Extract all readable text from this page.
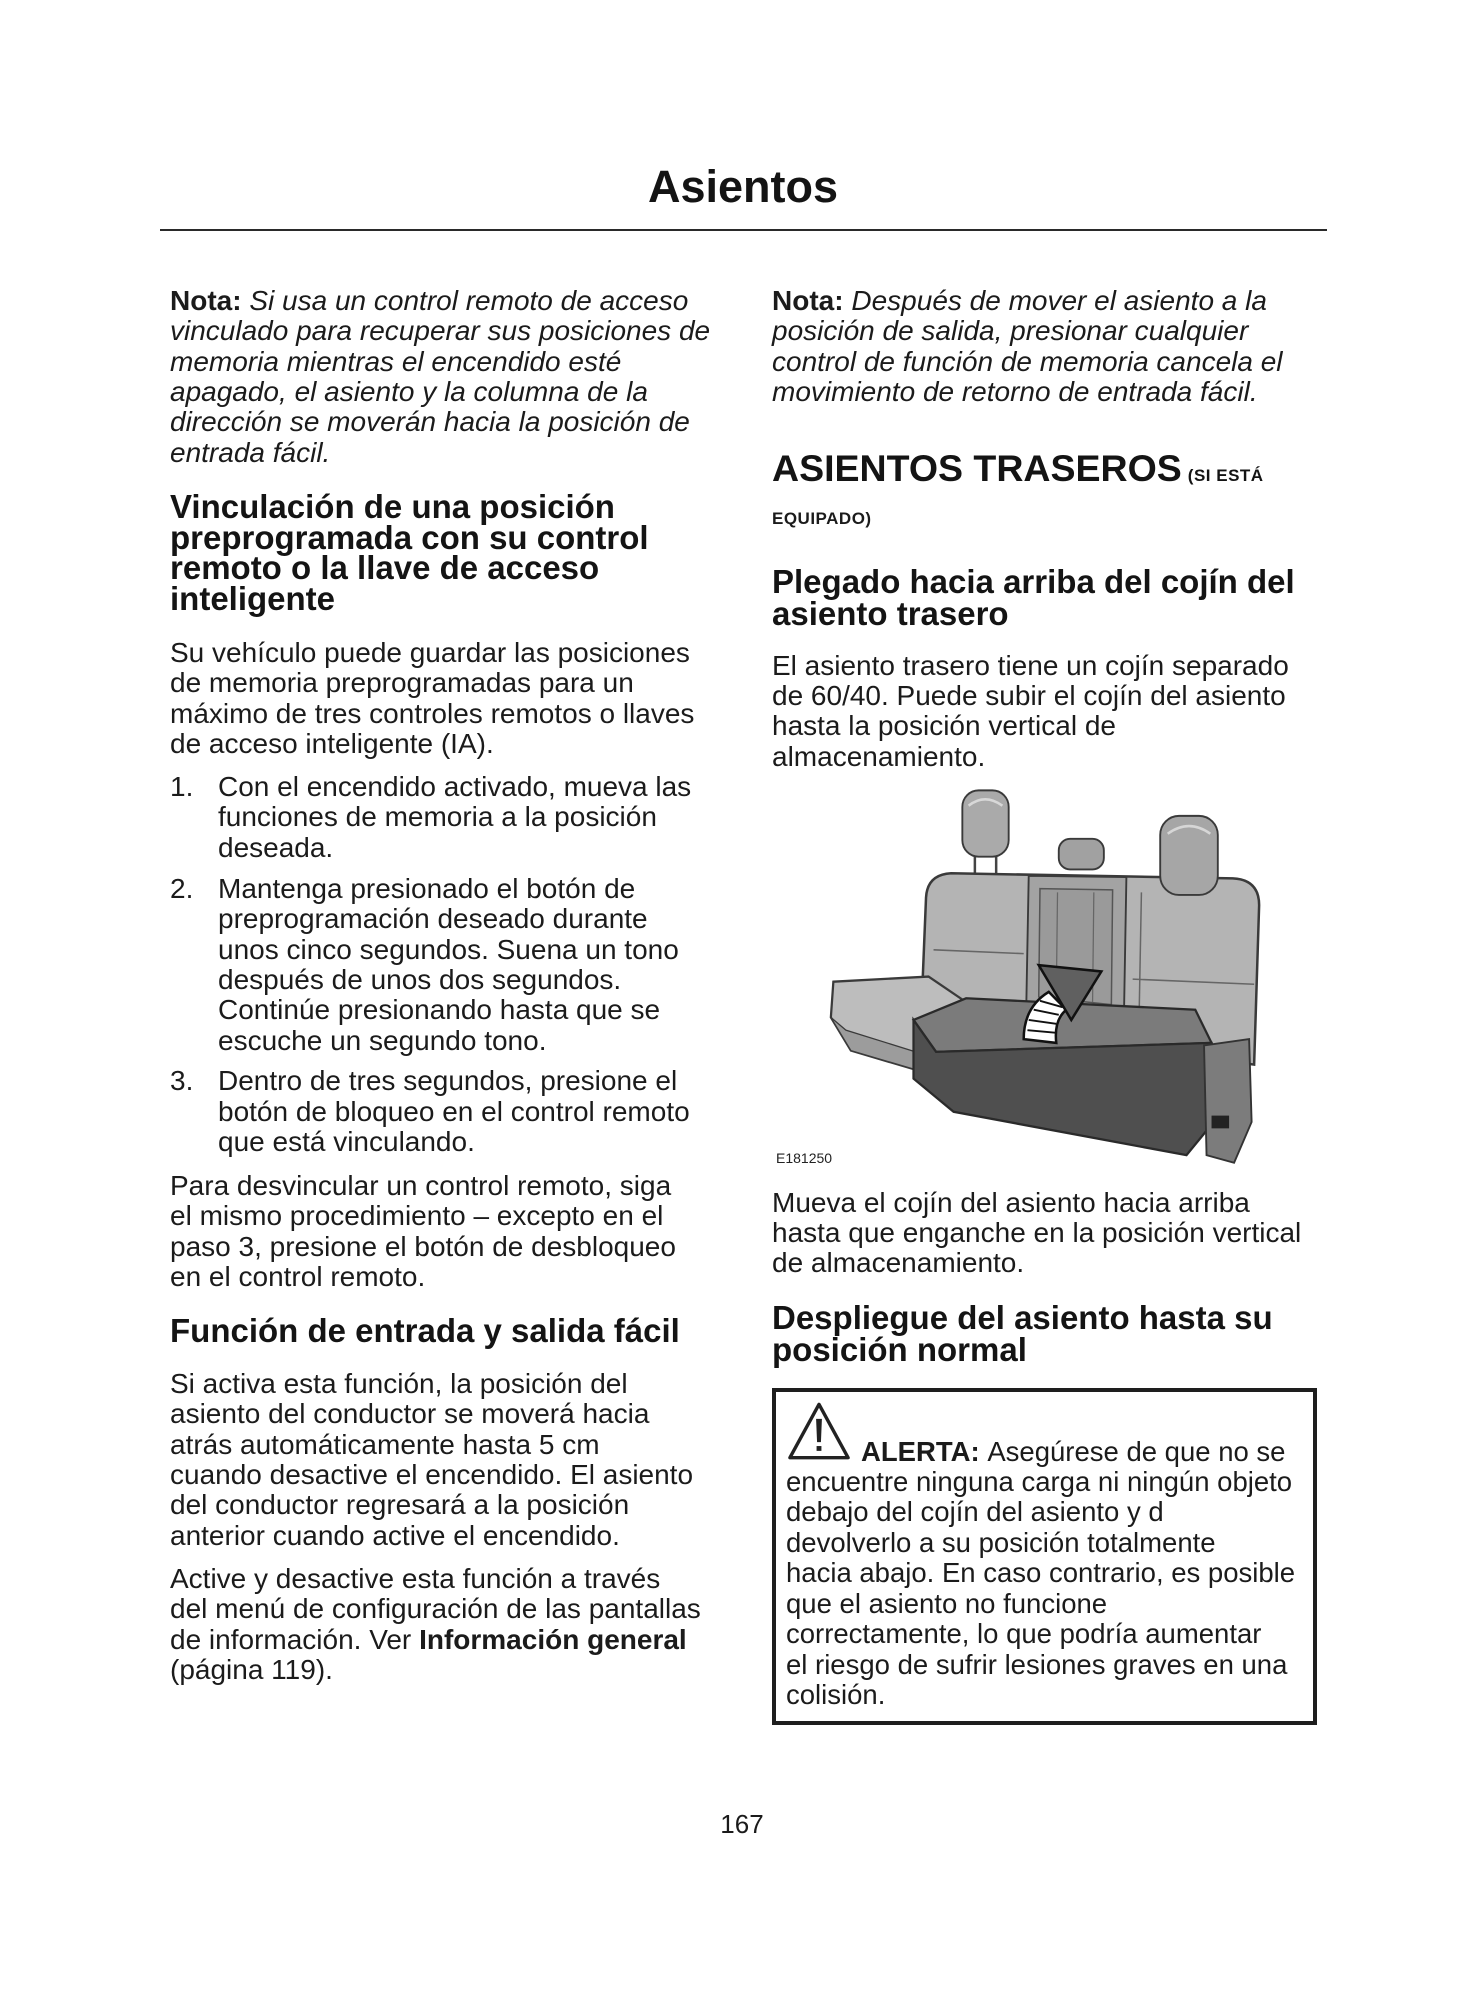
Asientos
Nota: Si usa un control remoto de acceso
vinculado para recuperar sus posiciones de
memoria mientras el encendido esté
apagado, el asiento y la columna de la
dirección se moverán hacia la posición de
entrada fácil.
Vinculación de una posición
preprogramada con su control
remoto o la llave de acceso
inteligente
Su vehículo puede guardar las posiciones
de memoria preprogramadas para un
máximo de tres controles remotos o llaves
de acceso inteligente (IA).
1. Con el encendido activado, mueva las
funciones de memoria a la posición
deseada.
2. Mantenga presionado el botón de
preprogramación deseado durante
unos cinco segundos. Suena un tono
después de unos dos segundos.
Continúe presionando hasta que se
escuche un segundo tono.
3. Dentro de tres segundos, presione el
botón de bloqueo en el control remoto
que está vinculando.
Para desvincular un control remoto, siga
el mismo procedimiento – excepto en el
paso 3, presione el botón de desbloqueo
en el control remoto.
Función de entrada y salida fácil
Si activa esta función, la posición del
asiento del conductor se moverá hacia
atrás automáticamente hasta 5 cm
cuando desactive el encendido. El asiento
del conductor regresará a la posición
anterior cuando active el encendido.
Active y desactive esta función a través
del menú de configuración de las pantallas
de información. Ver Información general
(página 119).
Nota: Después de mover el asiento a la
posición de salida, presionar cualquier
control de función de memoria cancela el
movimiento de retorno de entrada fácil.
ASIENTOS TRASEROS (SI ESTÁ
EQUIPADO)
Plegado hacia arriba del cojín del
asiento trasero
El asiento trasero tiene un cojín separado
de 60/40. Puede subir el cojín del asiento
hasta la posición vertical de
almacenamiento.
E181250
Mueva el cojín del asiento hacia arriba
hasta que enganche en la posición vertical
de almacenamiento.
Despliegue del asiento hasta su
posición normal
ALERTA: Asegúrese de que no se
encuentre ninguna carga ni ningún objeto
debajo del cojín del asiento y d
devolverlo a su posición totalmente
hacia abajo. En caso contrario, es posible
que el asiento no funcione
correctamente, lo que podría aumentar
el riesgo de sufrir lesiones graves en una
colisión.
167
